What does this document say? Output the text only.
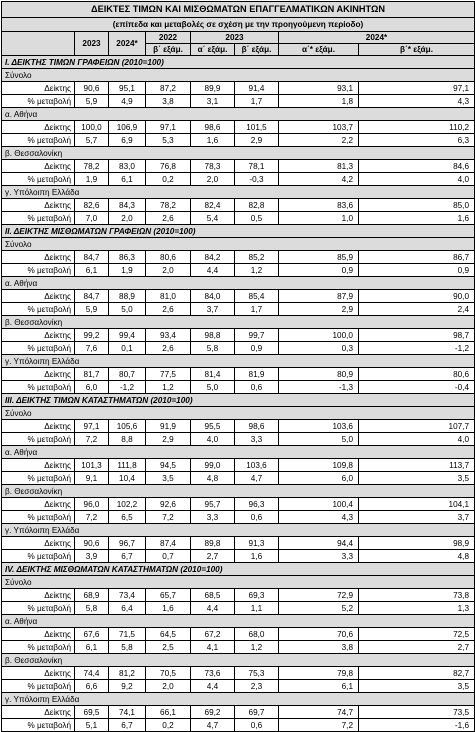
ΔΕΙΚΤΕΣ ΤΙΜΩΝ ΚΑΙ ΜΙΣΘΩΜΑΤΩΝ ΕΠΑΓΓΕΛΜΑΤΙΚΩΝ ΑΚΙΝΗΤΩΝ							
(επίπεδα και μεταβολές σε σχέση με την προηγούμενη περίοδο)							
	2023	2024*	2022	2023		2024*	
			β΄ εξάμ.	α΄ εξάμ.	β΄ εξάμ.	α΄* εξάμ.	β΄* εξάμ.
Ι. ΔΕΙΚΤΗΣ ΤΙΜΩΝ ΓΡΑΦΕΙΩΝ (2010=100)							
Σύνολο							
Δείκτης	90,6	95,1	87,2	89,9	91,4	93,1	97,1
% μεταβολή	5,9	4,9	3,8	3,1	1,7	1,8	4,3
α. Αθήνα							
Δείκτης	100,0	106,9	97,1	98,6	101,5	103,7	110,2
% μεταβολή	5,7	6,9	5,3	1,6	2,9	2,2	6,3
β. Θεσσαλονίκη							
Δείκτης	78,2	83,0	76,8	78,3	78,1	81,3	84,6
% μεταβολή	1,9	6,1	0,2	2,0	-0,3	4,2	4,0
γ. Υπόλοιπη Ελλάδα							
Δείκτης	82,6	84,3	78,2	82,4	82,8	83,6	85,0
% μεταβολή	7,0	2,0	2,6	5,4	0,5	1,0	1,6
ΙΙ. ΔΕΙΚΤΗΣ ΜΙΣΘΩΜΑΤΩΝ ΓΡΑΦΕΙΩΝ (2010=100)							
Σύνολο							
Δείκτης	84,7	86,3	80,6	84,2	85,2	85,9	86,7
% μεταβολή	6,1	1,9	2,0	4,4	1,2	0,9	0,9
α. Αθήνα							
Δείκτης	84,7	88,9	81,0	84,0	85,4	87,9	90,0
% μεταβολή	5,9	5,0	2,6	3,7	1,7	2,9	2,4
β. Θεσσαλονίκη							
Δείκτης	99,2	99,4	93,4	98,8	99,7	100,0	98,7
% μεταβολή	7,6	0,1	2,6	5,8	0,9	0,3	-1,2
γ. Υπόλοιπη Ελλάδα							
Δείκτης	81,7	80,7	77,5	81,4	81,9	80,9	80,6
% μεταβολή	6,0	-1,2	1,2	5,0	0,6	-1,3	-0,4
ΙΙΙ. ΔΕΙΚΤΗΣ ΤΙΜΩΝ ΚΑΤΑΣΤΗΜΑΤΩΝ (2010=100)							
Σύνολο							
Δείκτης	97,1	105,6	91,9	95,5	98,6	103,6	107,7
% μεταβολή	7,2	8,8	2,9	4,0	3,3	5,0	4,0
α. Αθήνα							
Δείκτης	101,3	111,8	94,5	99,0	103,6	109,8	113,7
% μεταβολή	9,1	10,4	3,5	4,8	4,7	6,0	3,5
β. Θεσσαλονίκη							
Δείκτης	96,0	102,2	92,6	95,7	96,3	100,4	104,1
% μεταβολή	7,2	6,5	7,2	3,3	0,6	4,3	3,7
γ. Υπόλοιπη Ελλάδα							
Δείκτης	90,6	96,7	87,4	89,8	91,3	94,4	98,9
% μεταβολή	3,9	6,7	0,7	2,7	1,6	3,3	4,8
IV. ΔΕΙΚΤΗΣ ΜΙΣΘΩΜΑΤΩΝ ΚΑΤΑΣΤΗΜΑΤΩΝ (2010=100)							
Σύνολο							
Δείκτης	68,9	73,4	65,7	68,5	69,3	72,9	73,8
% μεταβολή	5,8	6,4	1,6	4,4	1,1	5,2	1,3
α. Αθήνα							
Δείκτης	67,6	71,5	64,5	67,2	68,0	70,6	72,5
% μεταβολή	6,1	5,8	2,5	4,1	1,2	3,8	2,7
β. Θεσσαλονίκη							
Δείκτης	74,4	81,2	70,5	73,6	75,3	79,8	82,7
% μεταβολή	6,6	9,2	2,0	4,4	2,3	6,1	3,5
γ. Υπόλοιπη Ελλάδα							
Δείκτης	69,5	74,1	66,1	69,2	69,7	74,7	73,5
% μεταβολή	5,1	6,7	0,2	4,7	0,6	7,2	-1,6
